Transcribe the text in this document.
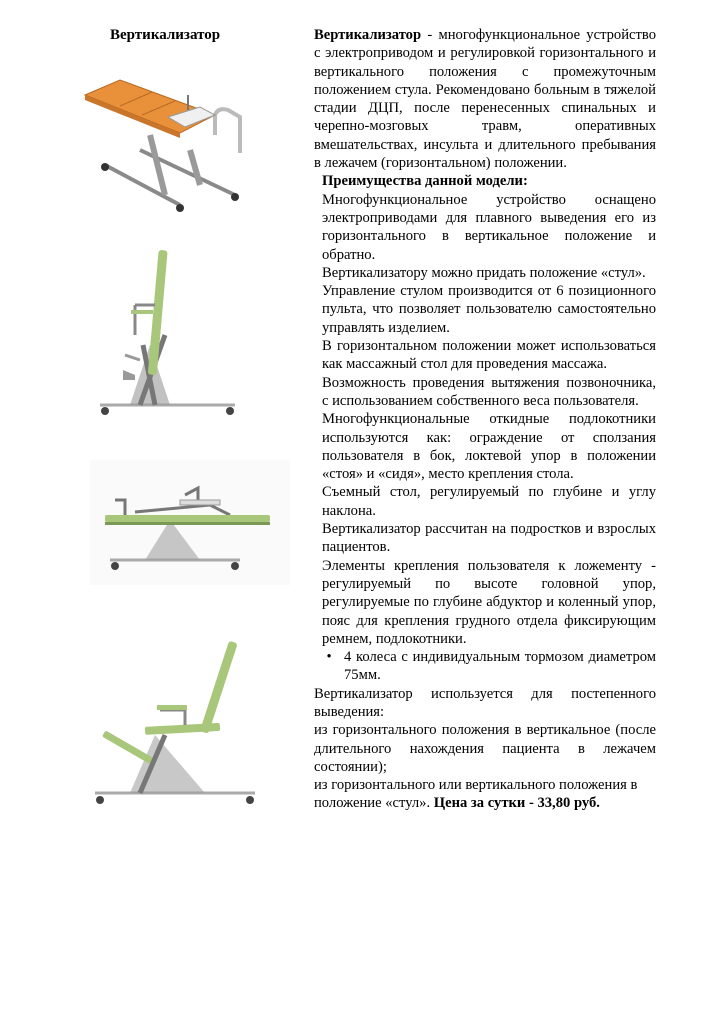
Вертикализатор	Вертикализатор - многофункциональное устройство с электроприводом и регулировкой горизонтального и вертикального положения с промежуточным положением стула. Рекомендовано больным в тяжелой стадии ДЦП, после перенесенных спинальных и черепно-мозговых травм, оперативных вмешательствах, инсульта и длительного пребывания в лежачем (горизонтальном) положении.

Преимущества данной модели:

Многофункциональное устройство оснащено электроприводами для плавного выведения его из горизонтального в вертикальное положение и обратно.

Вертикализатору можно придать положение «стул».

Управление стулом производится от 6 позиционного пульта, что позволяет пользователю самостоятельно управлять изделием.

В горизонтальном положении может использоваться как массажный стол для проведения массажа.

Возможность проведения вытяжения позвоночника, с использованием собственного веса пользователя.

Многофункциональные откидные подлокотники используются как: ограждение от сползания пользователя в бок, локтевой упор в положении «стоя» и «сидя», место крепления стола.

Съемный стол, регулируемый по глубине и углу наклона.

Вертикализатор рассчитан на подростков и взрослых пациентов.

Элементы крепления пользователя к ложементу - регулируемый по высоте головной упор, регулируемые по глубине абдуктор и коленный упор, пояс для крепления грудного отдела фиксирующим ремнем, подлокотники.

• 4 колеса с индивидуальным тормозом диаметром 75мм.

Вертикализатор используется для постепенного выведения:

из горизонтального положения в вертикальное (после длительного нахождения пациента в лежачем состоянии);

из горизонтального или вертикального положения в положение «стул». Цена за сутки - 33,80 руб.
